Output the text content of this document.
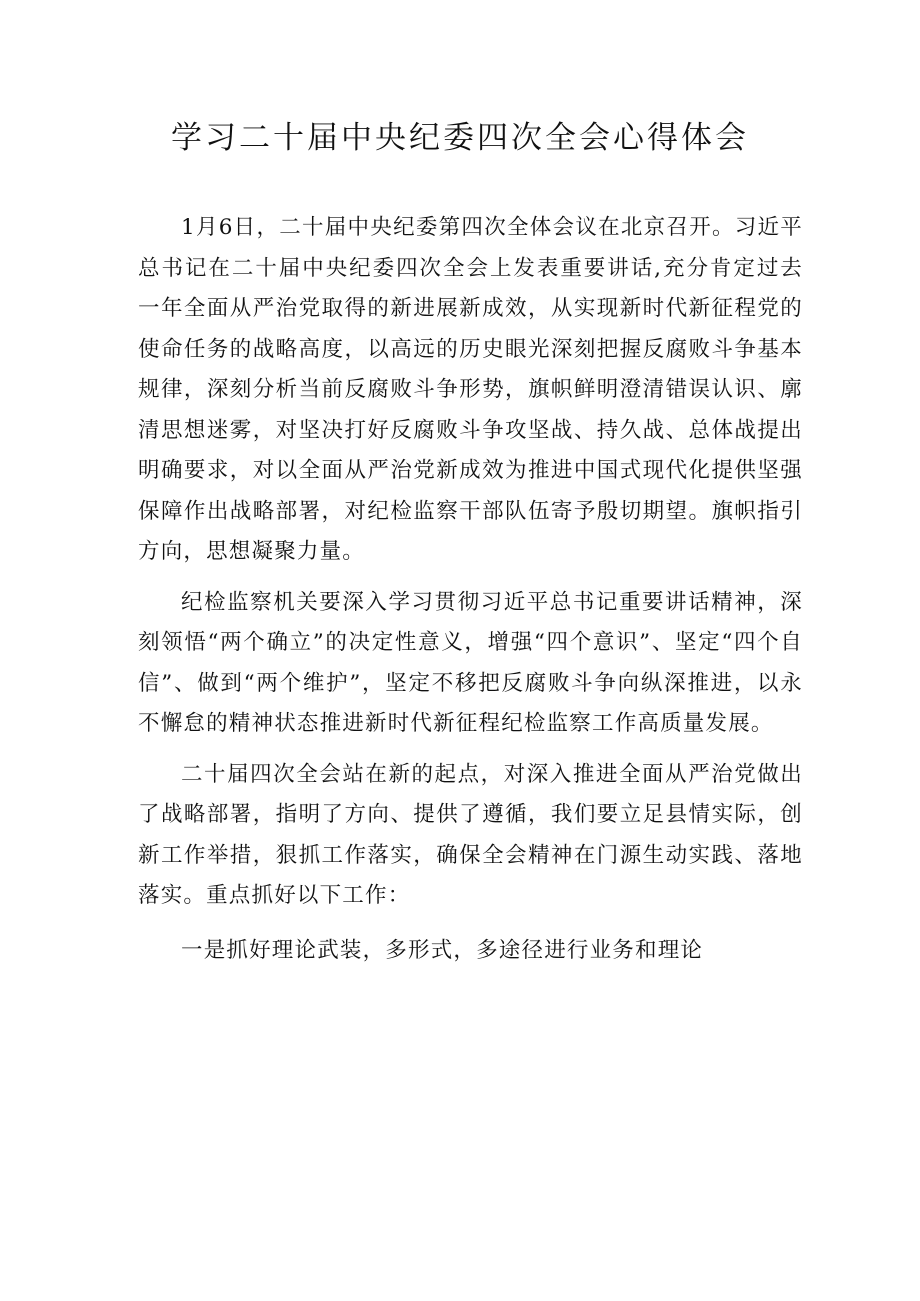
学习二十届中央纪委四次全会心得体会

1月6日，二十届中央纪委第四次全体会议在北京召开。习近平总书记在二十届中央纪委四次全会上发表重要讲话,充分肯定过去一年全面从严治党取得的新进展新成效，从实现新时代新征程党的使命任务的战略高度，以高远的历史眼光深刻把握反腐败斗争基本规律，深刻分析当前反腐败斗争形势，旗帜鲜明澄清错误认识、廓清思想迷雾，对坚决打好反腐败斗争攻坚战、持久战、总体战提出明确要求，对以全面从严治党新成效为推进中国式现代化提供坚强保障作出战略部署，对纪检监察干部队伍寄予殷切期望。旗帜指引方向，思想凝聚力量。

纪检监察机关要深入学习贯彻习近平总书记重要讲话精神，深刻领悟“两个确立”的决定性意义，增强“四个意识”、坚定“四个自信”、做到“两个维护”，坚定不移把反腐败斗争向纵深推进，以永不懈怠的精神状态推进新时代新征程纪检监察工作高质量发展。

二十届四次全会站在新的起点，对深入推进全面从严治党做出了战略部署，指明了方向、提供了遵循，我们要立足县情实际，创新工作举措，狠抓工作落实，确保全会精神在门源生动实践、落地落实。重点抓好以下工作：

一是抓好理论武装，多形式，多途径进行业务和理论
